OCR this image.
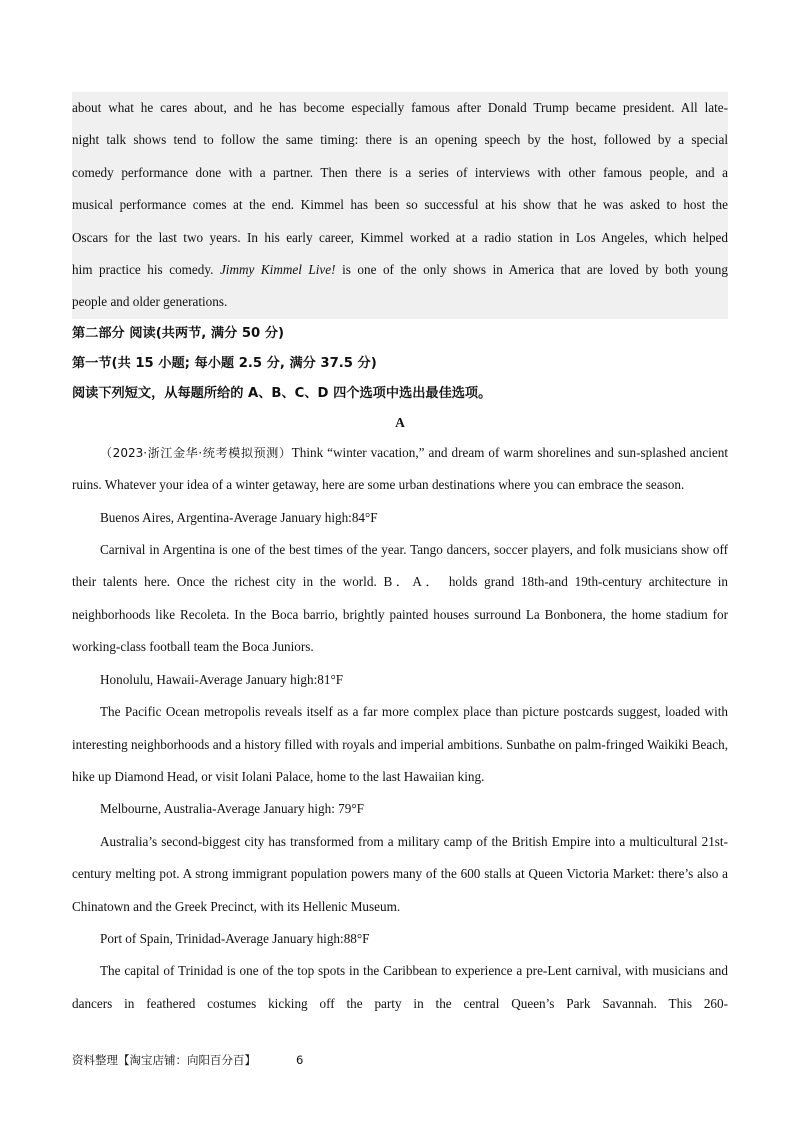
about what he cares about, and he has become especially famous after Donald Trump became president. All late-

night talk shows tend to follow the same timing: there is an opening speech by the host, followed by a special

comedy performance done with a partner. Then there is a series of interviews with other famous people, and a

musical performance comes at the end. Kimmel has been so successful at his show that he was asked to host the

Oscars for the last two years. In his early career, Kimmel worked at a radio station in Los Angeles, which helped

him practice his comedy. Jimmy Kimmel Live! is one of the only shows in America that are loved by both young

people and older generations.

第二部分 阅读(共两节, 满分 50 分)

第一节(共 15 小题; 每小题 2.5 分, 满分 37.5 分)

阅读下列短文，从每题所给的 A、B、C、D 四个选项中选出最佳选项。

A

（2023·浙江金华·统考模拟预测）Think “winter vacation,” and dream of warm shorelines and sun-splashed ancient ruins. Whatever your idea of a winter getaway, here are some urban destinations where you can embrace the season.

Buenos Aires, Argentina-Average January high:84°F

Carnival in Argentina is one of the best times of the year. Tango dancers, soccer players, and folk musicians show off their talents here. Once the richest city in the world. B．A． holds grand 18th-and 19th-century architecture in neighborhoods like Recoleta. In the Boca barrio, brightly painted houses surround La Bonbonera, the home stadium for working-class football team the Boca Juniors.

Honolulu, Hawaii-Average January high:81°F

The Pacific Ocean metropolis reveals itself as a far more complex place than picture postcards suggest, loaded with interesting neighborhoods and a history filled with royals and imperial ambitions. Sunbathe on palm-fringed Waikiki Beach, hike up Diamond Head, or visit Iolani Palace, home to the last Hawaiian king.

Melbourne, Australia-Average January high: 79°F

Australia’s second-biggest city has transformed from a military camp of the British Empire into a multicultural 21st-century melting pot. A strong immigrant population powers many of the 600 stalls at Queen Victoria Market: there’s also a Chinatown and the Greek Precinct, with its Hellenic Museum.

Port of Spain, Trinidad-Average January high:88°F

The capital of Trinidad is one of the top spots in the Caribbean to experience a pre-Lent carnival, with musicians and dancers in feathered costumes kicking off the party in the central Queen’s Park Savannah. This 260-

资料整理【淘宝店铺：向阳百分百】	6
